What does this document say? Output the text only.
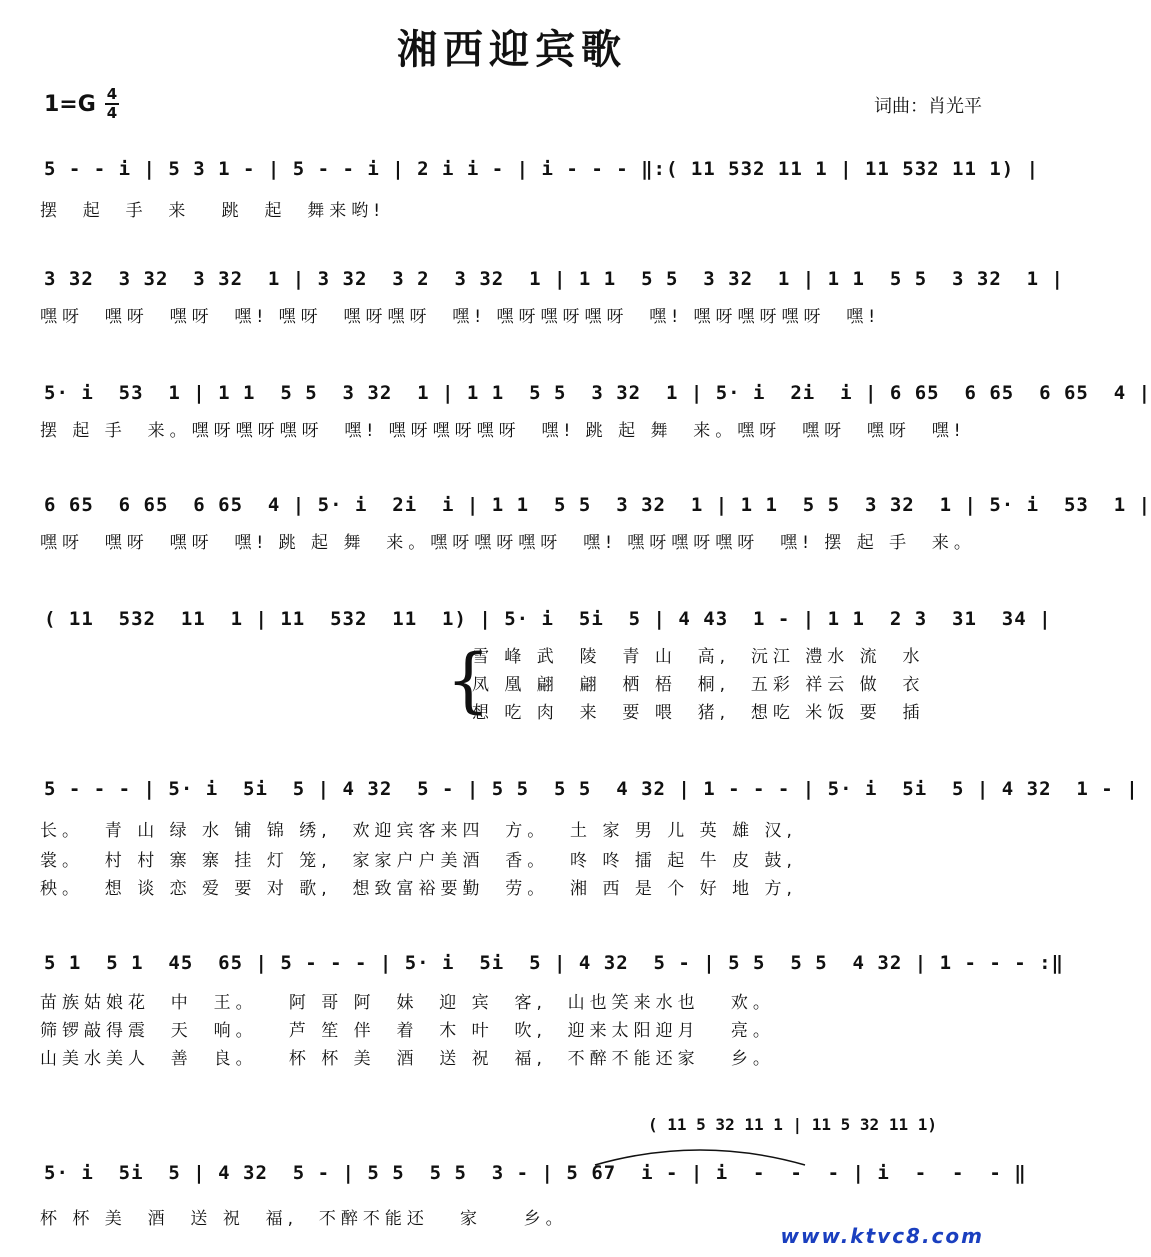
湘西迎宾歌
1=G 4
4	词曲：肖光平
5 - - i | 5 3 1 - | 5 - - i | 2 i i - | i - - - ‖:( 11 532 11 1 | 11 532 11 1) |
摆  起  手  来   跳  起  舞来哟!
3 32  3 32  3 32  1 | 3 32  3 2  3 32  1 | 1 1  5 5  3 32  1 | 1 1  5 5  3 32  1 |
嘿呀  嘿呀  嘿呀  嘿! 嘿呀  嘿呀嘿呀  嘿! 嘿呀嘿呀嘿呀  嘿! 嘿呀嘿呀嘿呀  嘿!
5· i  53  1 | 1 1  5 5  3 32  1 | 1 1  5 5  3 32  1 | 5· i  2i  i | 6 65  6 65  6 65  4 |
摆 起 手  来。嘿呀嘿呀嘿呀  嘿! 嘿呀嘿呀嘿呀  嘿! 跳 起 舞  来。嘿呀  嘿呀  嘿呀  嘿!
6 65  6 65  6 65  4 | 5· i  2i  i | 1 1  5 5  3 32  1 | 1 1  5 5  3 32  1 | 5· i  53  1 |
嘿呀  嘿呀  嘿呀  嘿! 跳 起 舞  来。嘿呀嘿呀嘿呀  嘿! 嘿呀嘿呀嘿呀  嘿! 摆 起 手  来。
( 11  532  11  1 | 11  532  11  1) | 5· i  5i  5 | 4 43  1 - | 1 1  2 3  31  34 |
{
雪 峰 武  陵  青 山  高,  沅江 澧水 流  水
凤 凰 翩  翩  栖 梧  桐,  五彩 祥云 做  衣
想 吃 肉  来  要 喂  猪,  想吃 米饭 要  插
5 - - - | 5· i  5i  5 | 4 32  5 - | 5 5  5 5  4 32 | 1 - - - | 5· i  5i  5 | 4 32  1 - |
长。  青 山 绿 水 铺 锦 绣,  欢迎宾客来四  方。  土 家 男 儿 英 雄 汉,
裳。  村 村 寨 寨 挂 灯 笼,  家家户户美酒  香。  咚 咚 擂 起 牛 皮 鼓,
秧。  想 谈 恋 爱 要 对 歌,  想致富裕要勤  劳。  湘 西 是 个 好 地 方,
5 1  5 1  45  65 | 5 - - - | 5· i  5i  5 | 4 32  5 - | 5 5  5 5  4 32 | 1 - - - :‖
苗族姑娘花  中  王。   阿 哥 阿  妹  迎 宾  客,  山也笑来水也   欢。
筛锣敲得震  天  响。   芦 笙 伴  着  木 叶  吹,  迎来太阳迎月   亮。
山美水美人  善  良。   杯 杯 美  酒  送 祝  福,  不醉不能还家   乡。
( 11 5 32 11 1 | 11 5 32 11 1)
5· i  5i  5 | 4 32  5 - | 5 5  5 5  3 - | 5 67  i - | i  -  -  - | i  -  -  - ‖
杯 杯 美  酒  送 祝  福,  不醉不能还   家    乡。
www.ktvc8.com
